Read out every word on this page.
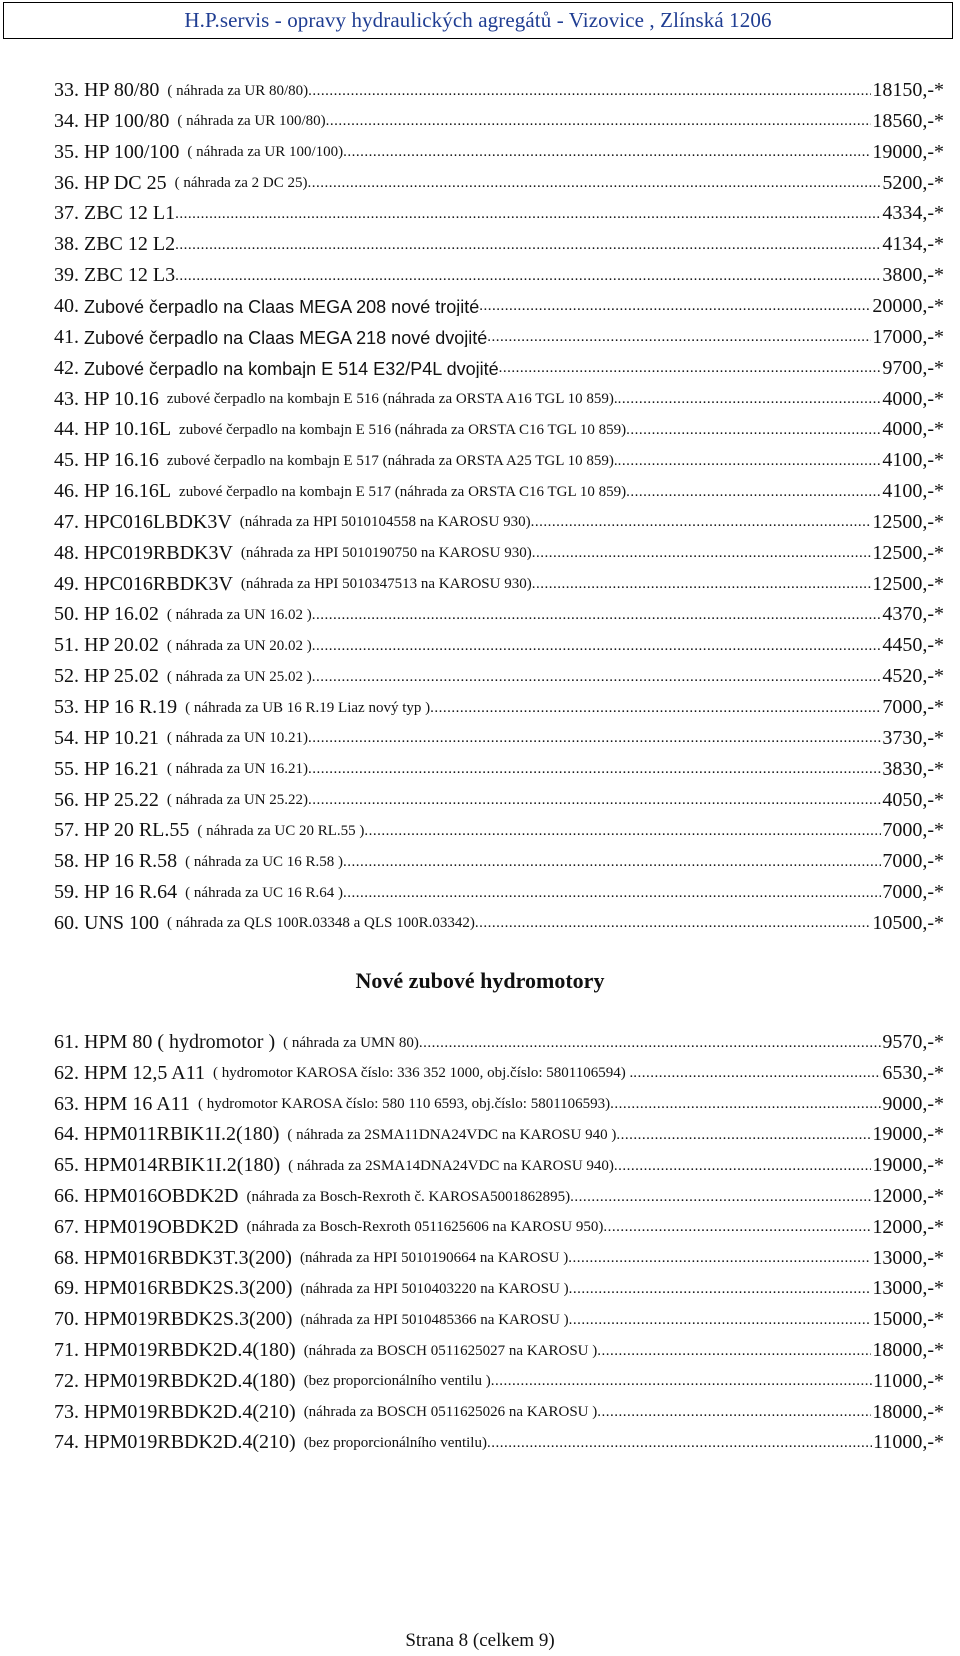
H.P.servis - opravy hydraulických agregátů - Vizovice , Zlínská 1206
33. HP 80/80 ( náhrada za UR 80/80) .....	18150,-*
34. HP 100/80 ( náhrada za UR 100/80) .....	18560,-*
35. HP 100/100 ( náhrada za UR 100/100) .....	19000,-*
36. HP DC 25 ( náhrada za 2 DC 25) .....	5200,-*
37. ZBC 12 L1 .....	4334,-*
38. ZBC 12 L2 .....	4134,-*
39. ZBC 12 L3 .....	3800,-*
40. Zubové čerpadlo na Claas MEGA 208 nové trojité .....	20000,-*
41. Zubové čerpadlo na Claas MEGA 218 nové dvojité .....	17000,-*
42. Zubové čerpadlo na kombajn E 514 E32/P4L dvojité .....	9700,-*
43. HP 10.16 zubové čerpadlo na kombajn E 516 (náhrada za ORSTA A16 TGL 10 859). .....	4000,-*
44. HP 10.16L zubové čerpadlo na kombajn E 516 (náhrada za ORSTA C16 TGL 10 859) .....	4000,-*
45. HP 16.16 zubové čerpadlo na kombajn E 517 (náhrada za ORSTA A25 TGL 10 859). .....	4100,-*
46. HP 16.16L zubové čerpadlo na kombajn E 517 (náhrada za ORSTA C16 TGL 10 859) .....	4100,-*
47. HPC016LBDK3V (náhrada za HPI 5010104558 na KAROSU 930) .....	12500,-*
48. HPC019RBDK3V (náhrada za HPI 5010190750 na KAROSU 930) .....	12500,-*
49. HPC016RBDK3V (náhrada za HPI 5010347513 na KAROSU 930) .....	12500,-*
50. HP 16.02 ( náhrada za UN 16.02 ) .....	4370,-*
51. HP 20.02 ( náhrada za UN 20.02 ) .....	4450,-*
52. HP 25.02 ( náhrada za UN 25.02 ) .....	4520,-*
53. HP 16 R.19 ( náhrada za UB 16 R.19 Liaz nový typ ) .....	7000,-*
54. HP 10.21 ( náhrada za UN 10.21) .....	3730,-*
55. HP 16.21 ( náhrada za UN 16.21) .....	3830,-*
56. HP 25.22 ( náhrada za UN 25.22) .....	4050,-*
57. HP 20 RL.55 ( náhrada za UC 20 RL.55 ) .....	7000,-*
58. HP 16 R.58 ( náhrada za UC 16 R.58 ) .....	7000,-*
59. HP 16 R.64 ( náhrada za UC 16 R.64 ) .....	7000,-*
60. UNS 100 ( náhrada za QLS 100R.03348 a QLS 100R.03342) .....	10500,-*
Nové zubové hydromotory
61. HPM 80 ( hydromotor ) ( náhrada za UMN 80) .....	9570,-*
62. HPM 12,5 A11 ( hydromotor KAROSA číslo: 336 352 1000, obj.číslo: 5801106594) . .....	6530,-*
63. HPM 16 A11 ( hydromotor KAROSA číslo: 580 110 6593, obj.číslo: 5801106593) .....	9000,-*
64. HPM011RBIK1I.2(180) ( náhrada za 2SMA11DNA24VDC na KAROSU 940 ) .....	19000,-*
65. HPM014RBIK1I.2(180) ( náhrada za 2SMA14DNA24VDC na KAROSU 940) .....	19000,-*
66. HPM016OBDK2D (náhrada za Bosch-Rexroth č. KAROSA5001862895) .....	12000,-*
67. HPM019OBDK2D (náhrada za Bosch-Rexroth 0511625606 na KAROSU 950) .....	12000,-*
68. HPM016RBDK3T.3(200) (náhrada za HPI 5010190664 na KAROSU ) .....	13000,-*
69. HPM016RBDK2S.3(200) (náhrada za HPI 5010403220 na KAROSU ) .....	13000,-*
70. HPM019RBDK2S.3(200) (náhrada za HPI 5010485366 na KAROSU ) .....	15000,-*
71. HPM019RBDK2D.4(180) (náhrada za BOSCH 0511625027 na KAROSU ) .....	18000,-*
72. HPM019RBDK2D.4(180) (bez proporcionálního ventilu ) .....	11000,-*
73. HPM019RBDK2D.4(210) (náhrada za BOSCH 0511625026 na KAROSU ) .....	18000,-*
74. HPM019RBDK2D.4(210) (bez proporcionálního ventilu) .....	11000,-*
Strana 8 (celkem 9)
